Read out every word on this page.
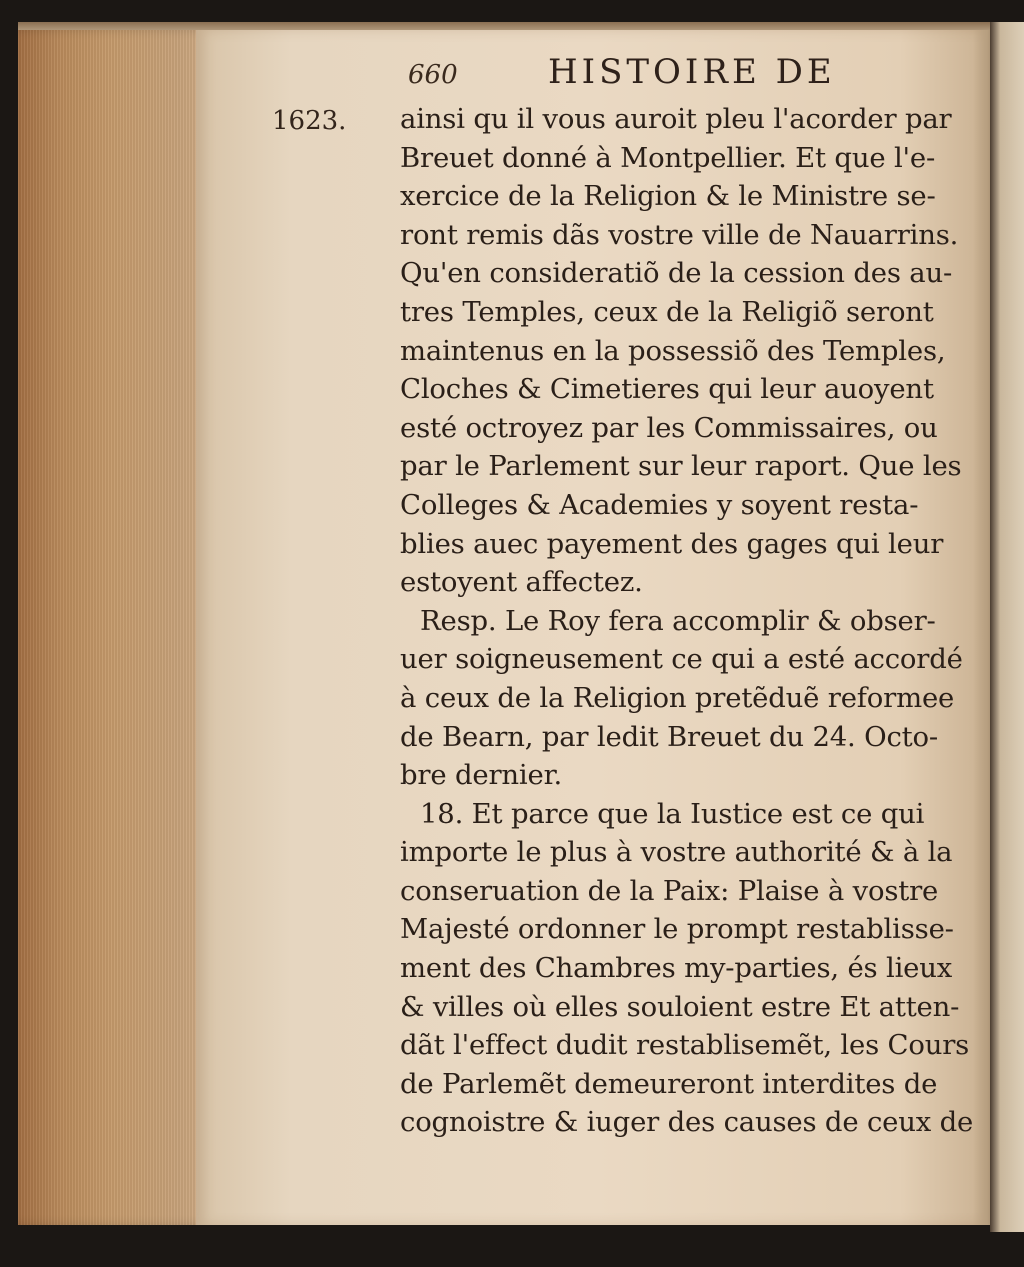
660	HISTOIRE DE
1623. ainsi qu il vous auroit pleu l'acorder par
Breuet donné à Montpellier. Et que l'e-
xercice de la Religion & le Ministre se-
ront remis dãs vostre ville de Nauarrins.
Qu'en consideratiõ de la cession des au-
tres Temples, ceux de la Religiõ seront
maintenus en la possessiõ des Temples,
Cloches & Cimetieres qui leur auoyent
esté octroyez par les Commissaires, ou
par le Parlement sur leur raport. Que les
Colleges & Academies y soyent resta-
blies auec payement des gages qui leur
estoyent affectez.
Resp. Le Roy fera accomplir & obser-
uer soigneusement ce qui a esté accordé
à ceux de la Religion pretẽduẽ reformee
de Bearn, par ledit Breuet du 24. Octo-
bre dernier.
18. Et parce que la Iustice est ce qui
importe le plus à vostre authorité & à la
conseruation de la Paix: Plaise à vostre
Majesté ordonner le prompt restablisse-
ment des Chambres my-parties, és lieux
& villes où elles souloient estre Et atten-
dãt l'effect dudit restablisemẽt, les Cours
de Parlemẽt demeureront interdites de
cognoistre & iuger des causes de ceux de
